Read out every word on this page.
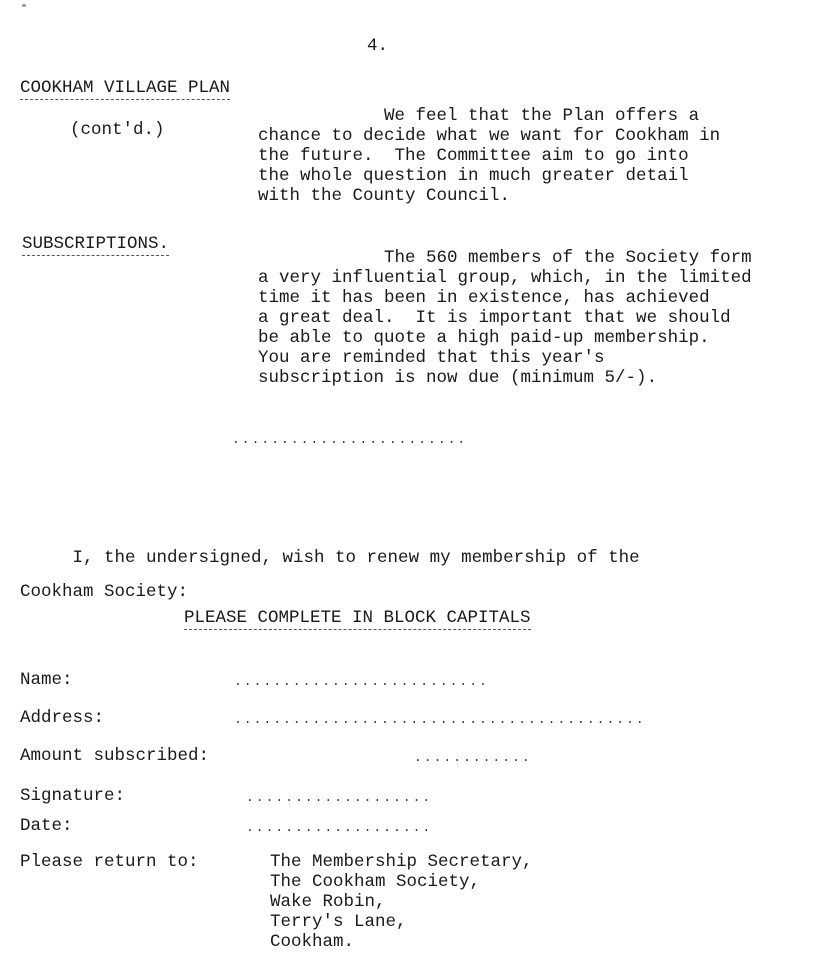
4.
COOKHAM VILLAGE PLAN
(cont'd.)
We feel that the Plan offers a
chance to decide what we want for Cookham in
the future.  The Committee aim to go into
the whole question in much greater detail
with the County Council.
SUBSCRIPTIONS.
The 560 members of the Society form
a very influential group, which, in the limited
time it has been in existence, has achieved
a great deal.  It is important that we should
be able to quote a high paid-up membership.
You are reminded that this year's
subscription is now due (minimum 5/-).
........................
I, the undersigned, wish to renew my membership of the
Cookham Society:
PLEASE COMPLETE IN BLOCK CAPITALS
Name:	..........................
Address:	..........................................
Amount subscribed:	............
Signature:	...................
Date:	...................
Please return to:	The Membership Secretary,
The Cookham Society,
Wake Robin,
Terry's Lane,
Cookham.
